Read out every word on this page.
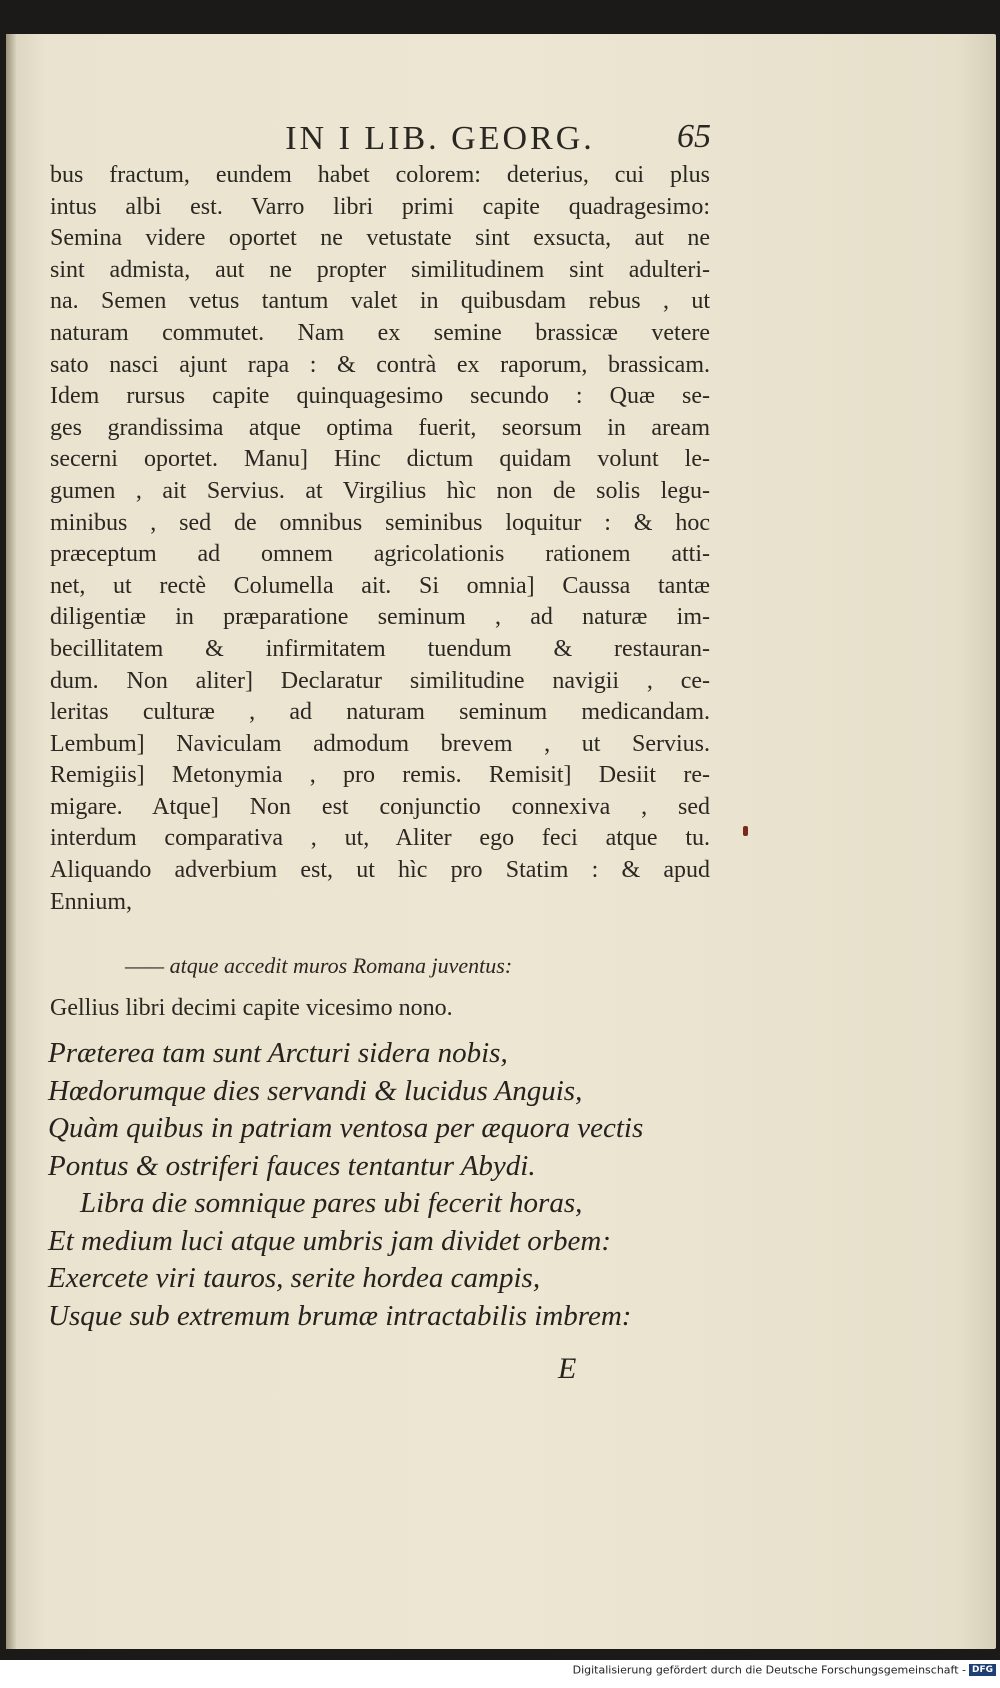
IN I LIB. GEORG.	65
bus fractum, eundem habet colorem: deterius, cui plus
intus albi est. Varro libri primi capite quadragesimo:
Semina videre oportet ne vetustate sint exsucta, aut ne
sint admista, aut ne propter similitudinem sint adulteri-
na. Semen vetus tantum valet in quibusdam rebus , ut
naturam commutet. Nam ex semine brassicæ vetere
sato nasci ajunt rapa : & contrà ex raporum, brassicam.
Idem rursus capite quinquagesimo secundo : Quæ se-
ges grandissima atque optima fuerit, seorsum in aream
secerni oportet. Manu] Hinc dictum quidam volunt le-
gumen , ait Servius. at Virgilius hìc non de solis legu-
minibus , sed de omnibus seminibus loquitur : & hoc
præceptum ad omnem agricolationis rationem atti-
net, ut rectè Columella ait. Si omnia] Caussa tantæ
diligentiæ in præparatione seminum , ad naturæ im-
becillitatem & infirmitatem tuendum & restauran-
dum. Non aliter] Declaratur similitudine navigii , ce-
leritas culturæ , ad naturam seminum medicandam.
Lembum] Naviculam admodum brevem , ut Servius.
Remigiis] Metonymia , pro remis. Remisit] Desiit re-
migare. Atque] Non est conjunctio connexiva , sed
interdum comparativa , ut, Aliter ego feci atque tu.
Aliquando adverbium est, ut hìc pro Statim : & apud
Ennium,
—— atque accedit muros Romana juventus:
Gellius libri decimi capite vicesimo nono.
Præterea tam sunt Arcturi sidera nobis,
Hœdorumque dies servandi & lucidus Anguis,
Quàm quibus in patriam ventosa per æquora vectis
Pontus & ostriferi fauces tentantur Abydi.
Libra die somnique pares ubi fecerit horas,
Et medium luci atque umbris jam dividet orbem:
Exercete viri tauros, serite hordea campis,
Usque sub extremum brumæ intractabilis imbrem:
E
Digitalisierung gefördert durch die Deutsche Forschungsgemeinschaft - DFG
